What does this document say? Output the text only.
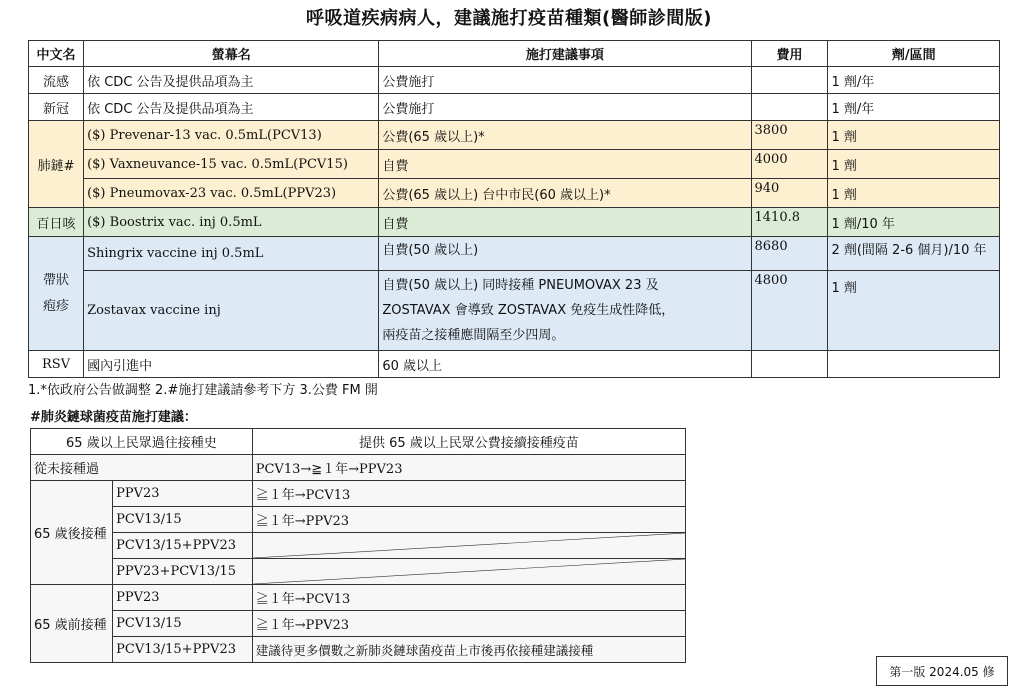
呼吸道疾病病人，建議施打疫苗種類(醫師診間版)
中文名	螢幕名	施打建議事項	費用	劑/區間
流感	依 CDC 公告及提供品項為主	公費施打		1 劑/年
新冠	依 CDC 公告及提供品項為主	公費施打		1 劑/年
肺鏈#	($) Prevenar-13 vac. 0.5mL(PCV13)	公費(65 歲以上)*	3800	1 劑
	($) Vaxneuvance-15 vac. 0.5mL(PCV15)	自費	4000	1 劑
	($) Pneumovax-23 vac. 0.5mL(PPV23)	公費(65 歲以上) 台中市民(60 歲以上)*	940	1 劑
百日咳	($) Boostrix vac. inj 0.5mL	自費	1410.8	1 劑/10 年

帶狀
疱疹	Shingrix vaccine inj 0.5mL	自費(50 歲以上)	8680	2 劑(間隔 2-6 個月)/10 年
	Zostavax vaccine inj	自費(50 歲以上) 同時接種 PNEUMOVAX 23 及
ZOSTAVAX 會導致 ZOSTAVAX 免疫生成性降低，
兩疫苗之接種應間隔至少四周。	4800	1 劑
RSV	國內引進中	60 歲以上		
1.*依政府公告做調整 2.#施打建議請參考下方 3.公費 FM 開
#肺炎鏈球菌疫苗施打建議：
65 歲以上民眾過往接種史		提供 65 歲以上民眾公費接續接種疫苗
從未接種過		PCV13→≧１年→PPV23
65 歲後接種	PPV23	≧１年→PCV13
	PCV13/15	≧１年→PPV23
	PCV13/15+PPV23	

	PPV23+PCV13/15	

65 歲前接種	PPV23	≧１年→PCV13
	PCV13/15	≧１年→PPV23
	PCV13/15+PPV23	建議待更多價數之新肺炎鏈球菌疫苗上市後再依接種建議接種
第一版 2024.05 修
